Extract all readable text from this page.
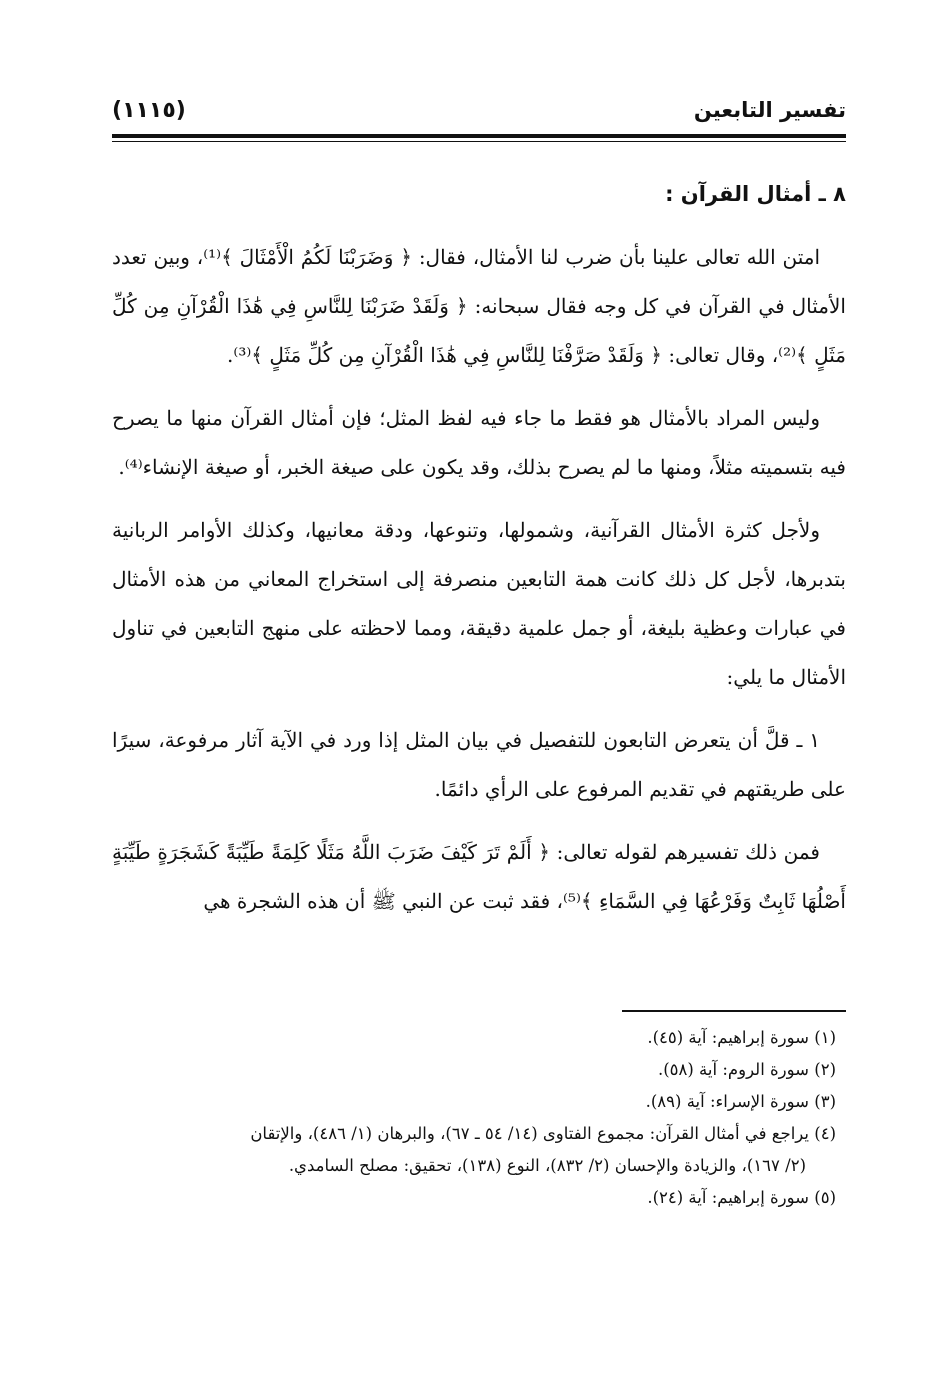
تفسير التابعين
(١١١٥)

٨ ـ أمثال القرآن :

امتن الله تعالى علينا بأن ضرب لنا الأمثال، فقال: ﴿ وَضَرَبْنَا لَكُمُ الْأَمْثَالَ ﴾⁽¹⁾، وبين تعدد الأمثال في القرآن في كل وجه فقال سبحانه: ﴿ وَلَقَدْ ضَرَبْنَا لِلنَّاسِ فِي هَٰذَا الْقُرْآنِ مِن كُلِّ مَثَلٍ ﴾⁽²⁾، وقال تعالى: ﴿ وَلَقَدْ صَرَّفْنَا لِلنَّاسِ فِي هَٰذَا الْقُرْآنِ مِن كُلِّ مَثَلٍ ﴾⁽³⁾.

وليس المراد بالأمثال هو فقط ما جاء فيه لفظ المثل؛ فإن أمثال القرآن منها ما يصرح فيه بتسميته مثلاً، ومنها ما لم يصرح بذلك، وقد يكون على صيغة الخبر، أو صيغة الإنشاء⁽⁴⁾.

ولأجل كثرة الأمثال القرآنية، وشمولها، وتنوعها، ودقة معانيها، وكذلك الأوامر الربانية بتدبرها، لأجل كل ذلك كانت همة التابعين منصرفة إلى استخراج المعاني من هذه الأمثال في عبارات وعظية بليغة، أو جمل علمية دقيقة، ومما لاحظته على منهج التابعين في تناول الأمثال ما يلي:

١ ـ قلَّ أن يتعرض التابعون للتفصيل في بيان المثل إذا ورد في الآية آثار مرفوعة، سيرًا على طريقتهم في تقديم المرفوع على الرأي دائمًا.

فمن ذلك تفسيرهم لقوله تعالى: ﴿ أَلَمْ تَرَ كَيْفَ ضَرَبَ اللَّهُ مَثَلًا كَلِمَةً طَيِّبَةً كَشَجَرَةٍ طَيِّبَةٍ أَصْلُهَا ثَابِتٌ وَفَرْعُهَا فِي السَّمَاءِ ﴾⁽⁵⁾، فقد ثبت عن النبي ﷺ أن هذه الشجرة هي

(١) سورة إبراهيم: آية (٤٥).

(٢) سورة الروم: آية (٥٨).

(٣) سورة الإسراء: آية (٨٩).

(٤) يراجع في أمثال القرآن: مجموع الفتاوى (١٤/ ٥٤ ـ ٦٧)، والبرهان (١/ ٤٨٦)، والإتقان

(٢/ ١٦٧)، والزيادة والإحسان (٢/ ٨٣٢)، النوع (١٣٨)، تحقيق: مصلح السامدي.

(٥) سورة إبراهيم: آية (٢٤).
